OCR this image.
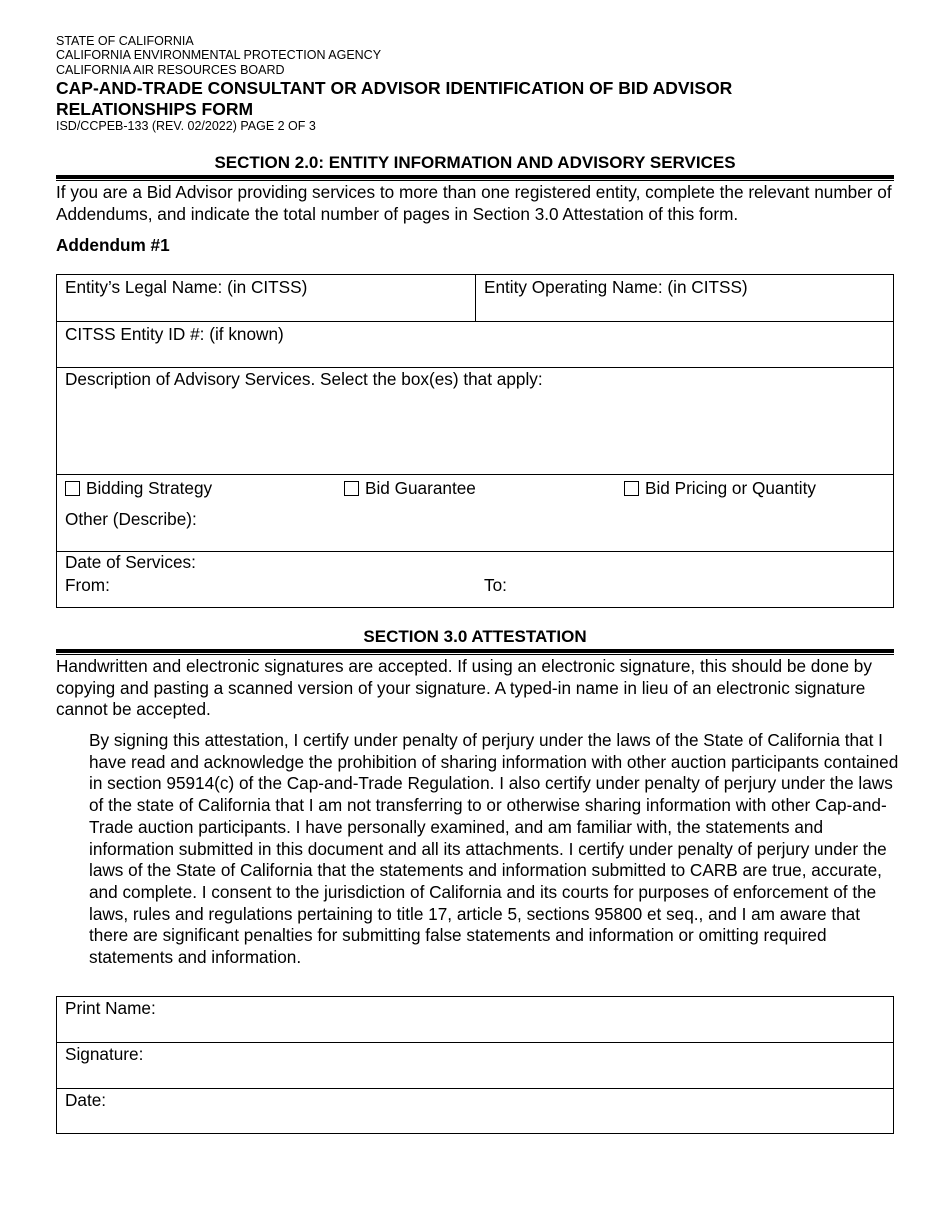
STATE OF CALIFORNIA
CALIFORNIA ENVIRONMENTAL PROTECTION AGENCY
CALIFORNIA AIR RESOURCES BOARD
CAP-AND-TRADE CONSULTANT OR ADVISOR IDENTIFICATION OF BID ADVISOR RELATIONSHIPS FORM
ISD/CCPEB-133 (REV. 02/2022) PAGE 2 OF 3
SECTION 2.0: ENTITY INFORMATION AND ADVISORY SERVICES
If you are a Bid Advisor providing services to more than one registered entity, complete the relevant number of Addendums, and indicate the total number of pages in Section 3.0 Attestation of this form.
Addendum #1
Entity’s Legal Name: (in CITSS)	Entity Operating Name: (in CITSS)
CITSS Entity ID #: (if known)
Description of Advisory Services. Select the box(es) that apply:
Bidding Strategy	Bid Guarantee	Bid Pricing or Quantity
Other (Describe):
Date of Services:
From:	To:
SECTION 3.0 ATTESTATION
Handwritten and electronic signatures are accepted. If using an electronic signature, this should be done by copying and pasting a scanned version of your signature. A typed-in name in lieu of an electronic signature cannot be accepted.
By signing this attestation, I certify under penalty of perjury under the laws of the State of California that I have read and acknowledge the prohibition of sharing information with other auction participants contained in section 95914(c) of the Cap-and-Trade Regulation. I also certify under penalty of perjury under the laws of the state of California that I am not transferring to or otherwise sharing information with other Cap-and-Trade auction participants. I have personally examined, and am familiar with, the statements and information submitted in this document and all its attachments. I certify under penalty of perjury under the laws of the State of California that the statements and information submitted to CARB are true, accurate, and complete. I consent to the jurisdiction of California and its courts for purposes of enforcement of the laws, rules and regulations pertaining to title 17, article 5, sections 95800 et seq., and I am aware that there are significant penalties for submitting false statements and information or omitting required statements and information.
Print Name:
Signature:
Date:
